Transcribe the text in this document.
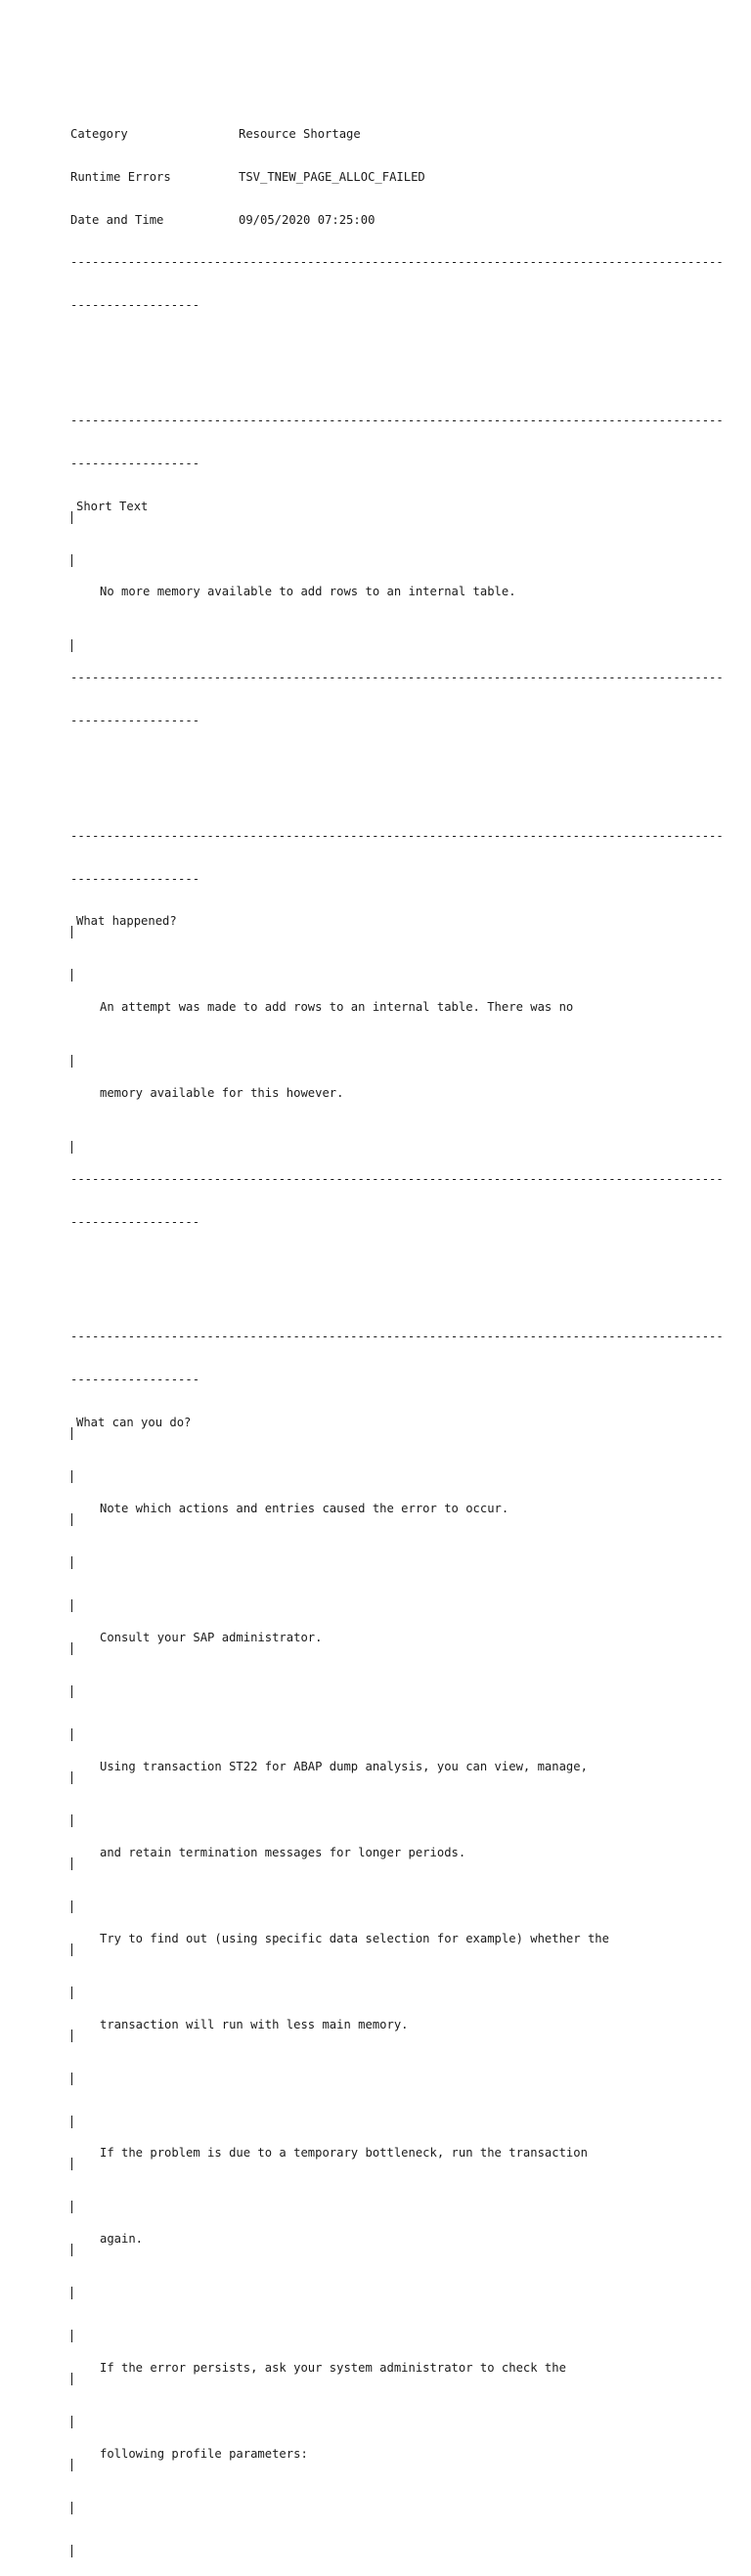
Category	Resource Shortage

Runtime Errors	TSV_TNEW_PAGE_ALLOC_FAILED

Date and Time	09/05/2020 07:25:00

-------------------------------------------------------------------------------------------

------------------

-------------------------------------------------------------------------------------------

------------------

Short Text

No more memory available to add rows to an internal table.

-------------------------------------------------------------------------------------------

------------------

-------------------------------------------------------------------------------------------

------------------

What happened?

An attempt was made to add rows to an internal table. There was no

memory available for this however.

-------------------------------------------------------------------------------------------

------------------

-------------------------------------------------------------------------------------------

------------------

What can you do?

Note which actions and entries caused the error to occur.

Consult your SAP administrator.

Using transaction ST22 for ABAP dump analysis, you can view, manage,

and retain termination messages for longer periods.

Try to find out (using specific data selection for example) whether the

transaction will run with less main memory.

If the problem is due to a temporary bottleneck, run the transaction

again.

If the error persists, ask your system administrator to check the

following profile parameters:
